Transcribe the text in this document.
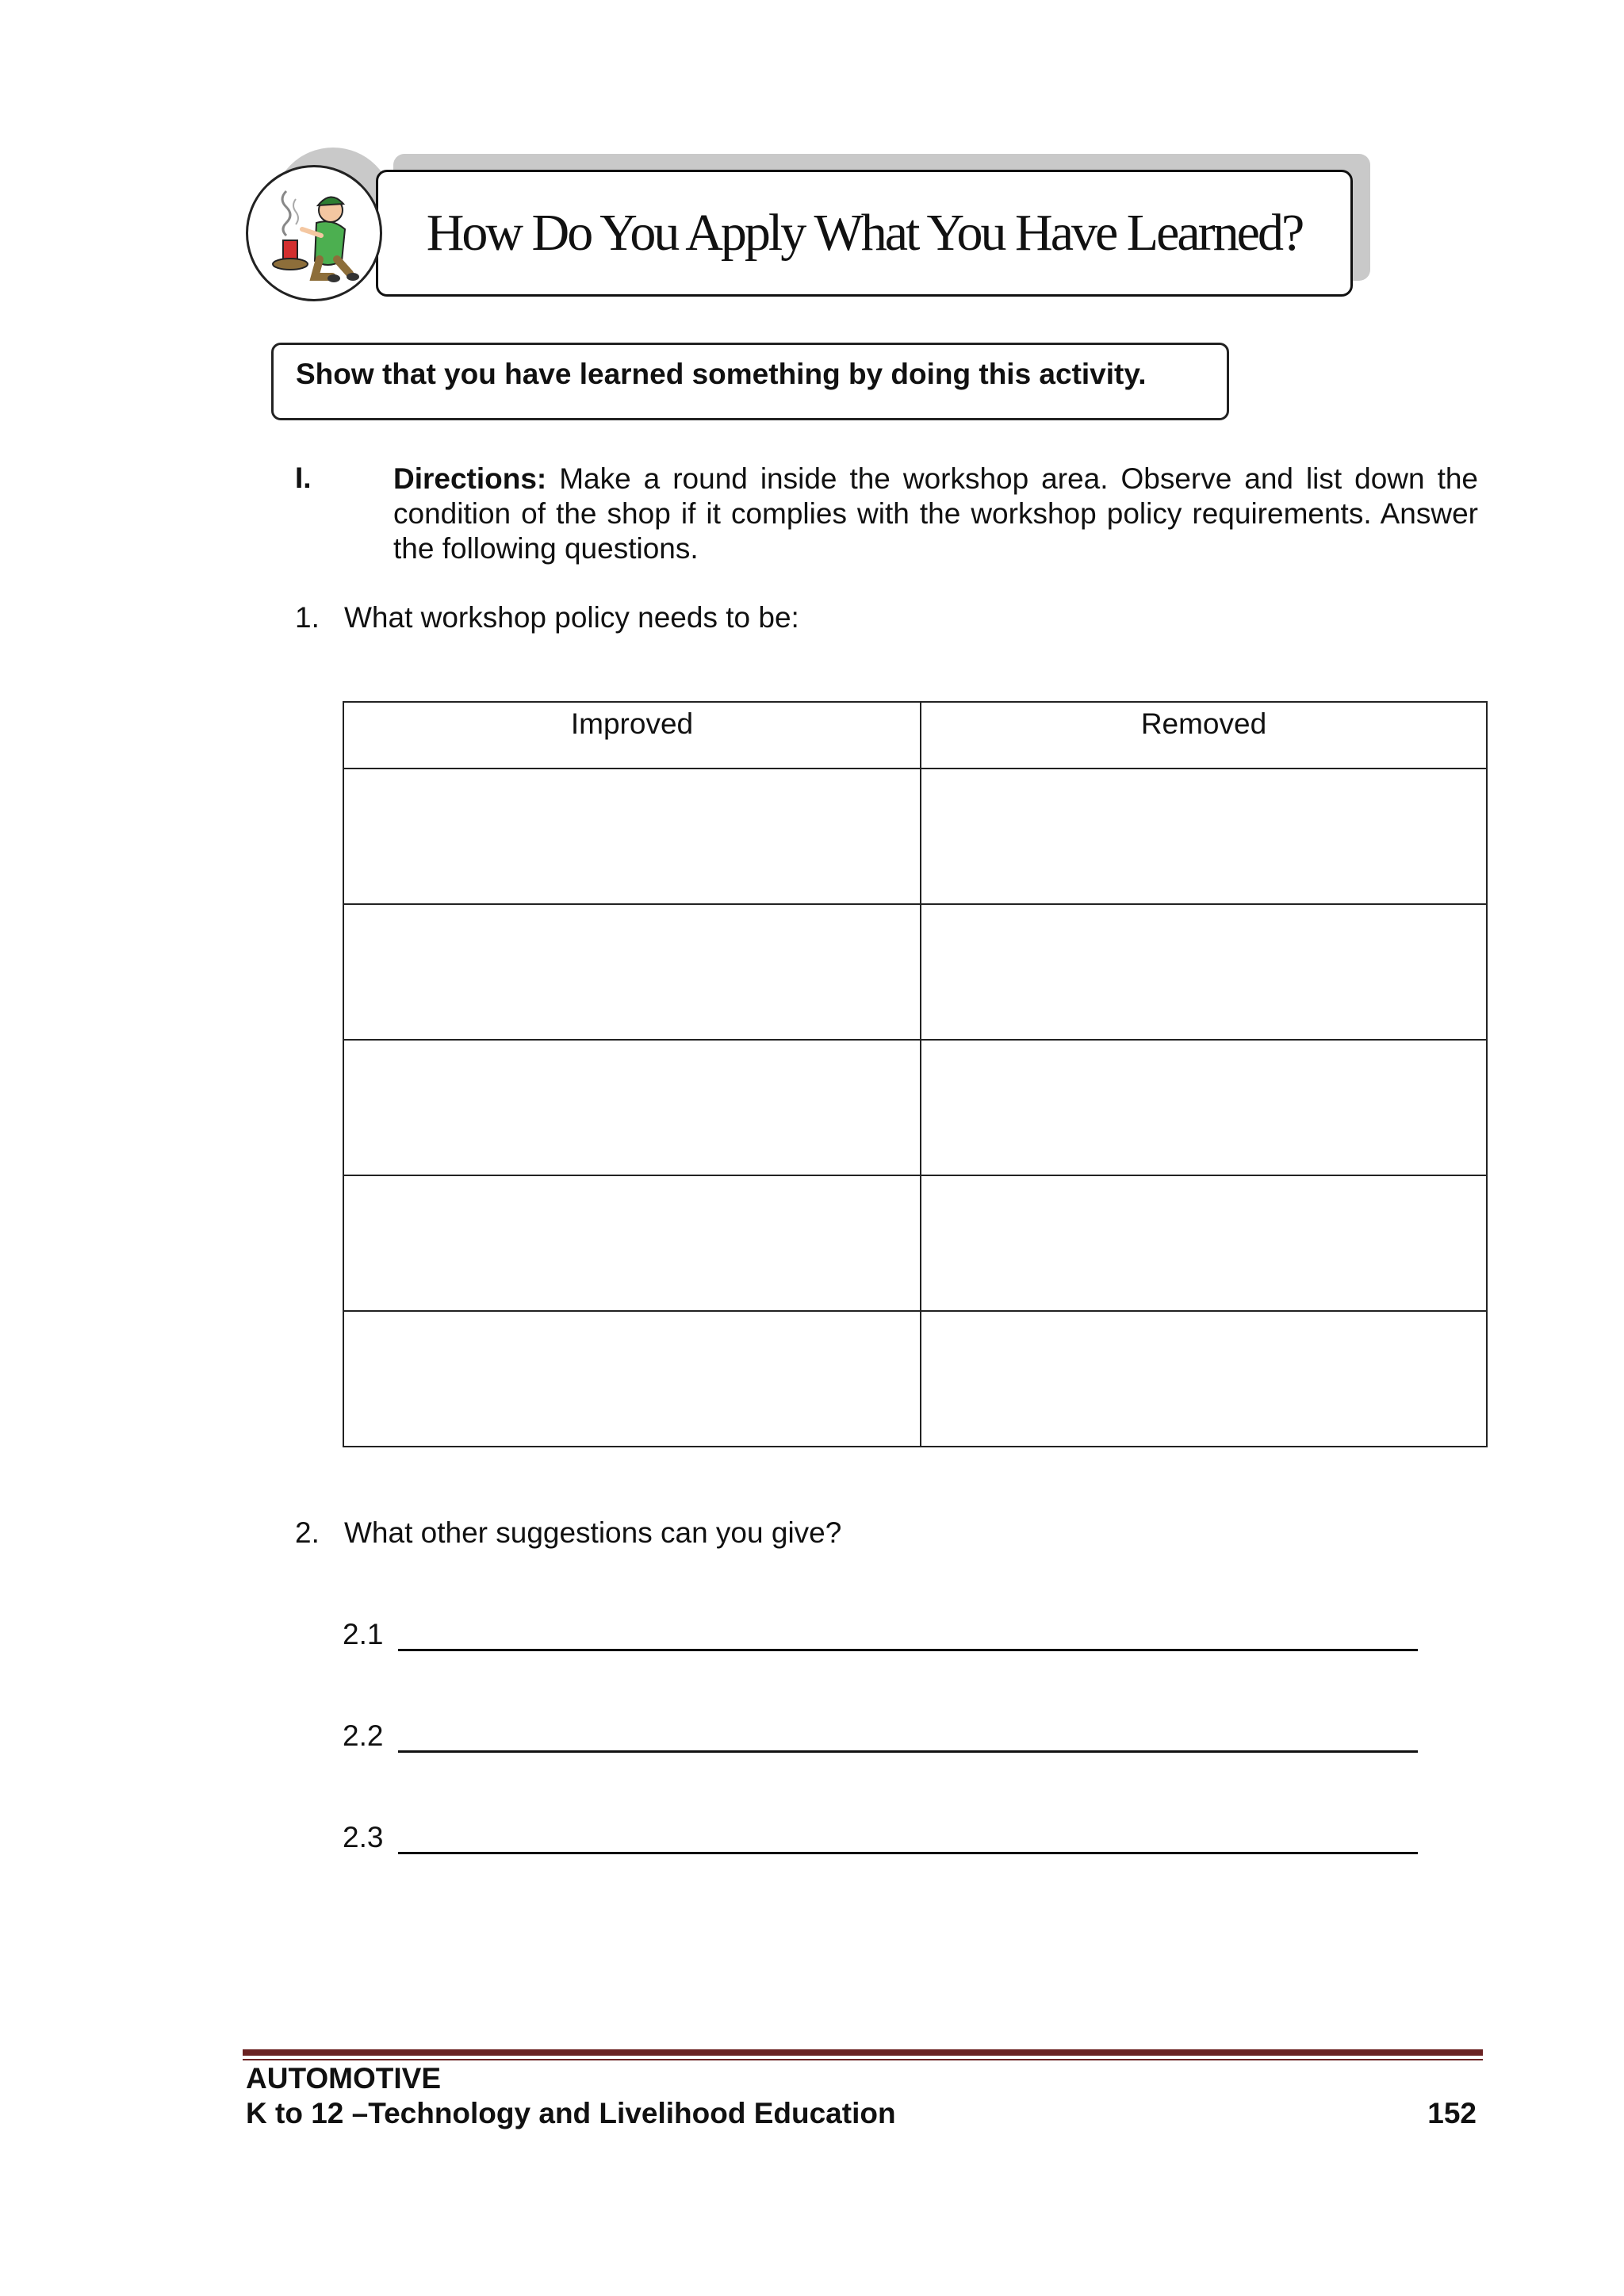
How Do You Apply What You Have Learned?
Show that you have learned something by doing this activity.
I.	Directions: Make a round inside the workshop area. Observe and list down the condition of the shop if it complies with the workshop policy requirements. Answer the following questions.
1. What workshop policy needs to be:
Improved	Removed

2. What other suggestions can you give?
2.1
2.2
2.3
AUTOMOTIVE
K to 12 –Technology and Livelihood Education	152
